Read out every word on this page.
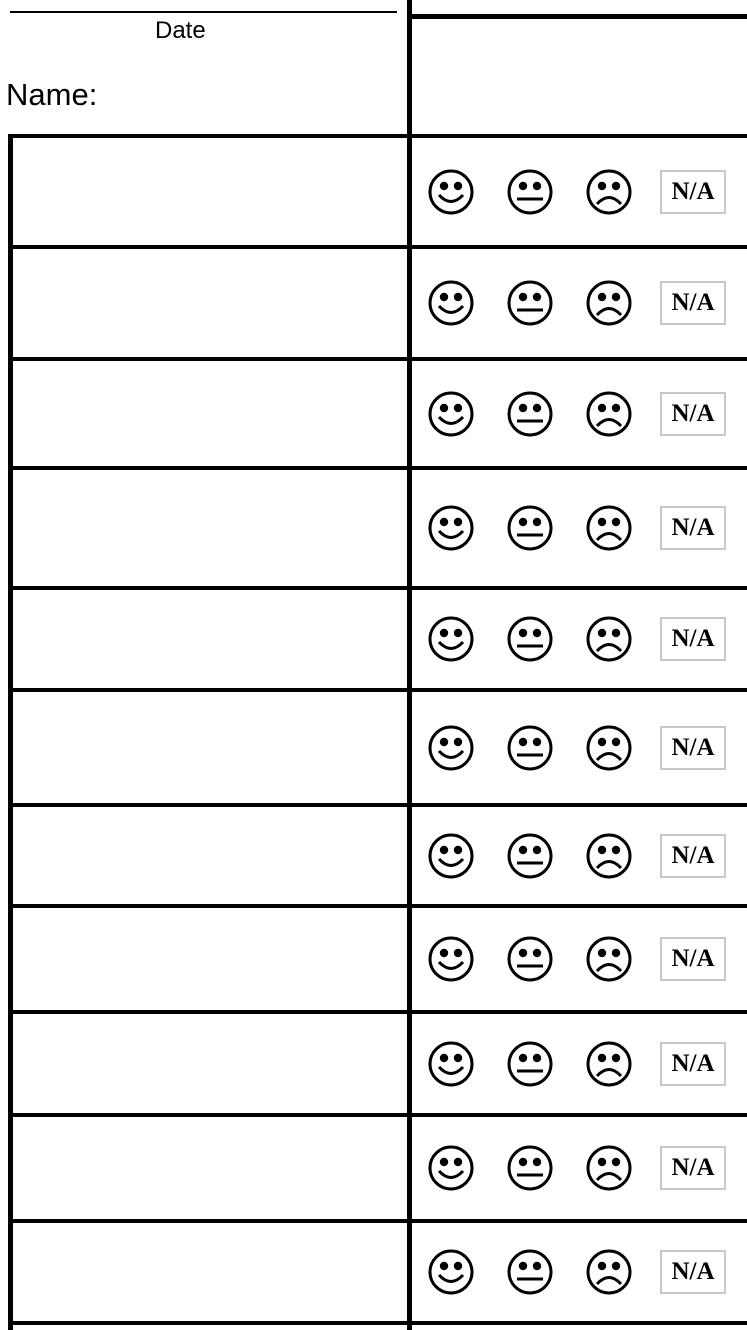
Date
Name:
N/A
N/A
N/A
N/A
N/A
N/A
N/A
N/A
N/A
N/A
N/A
